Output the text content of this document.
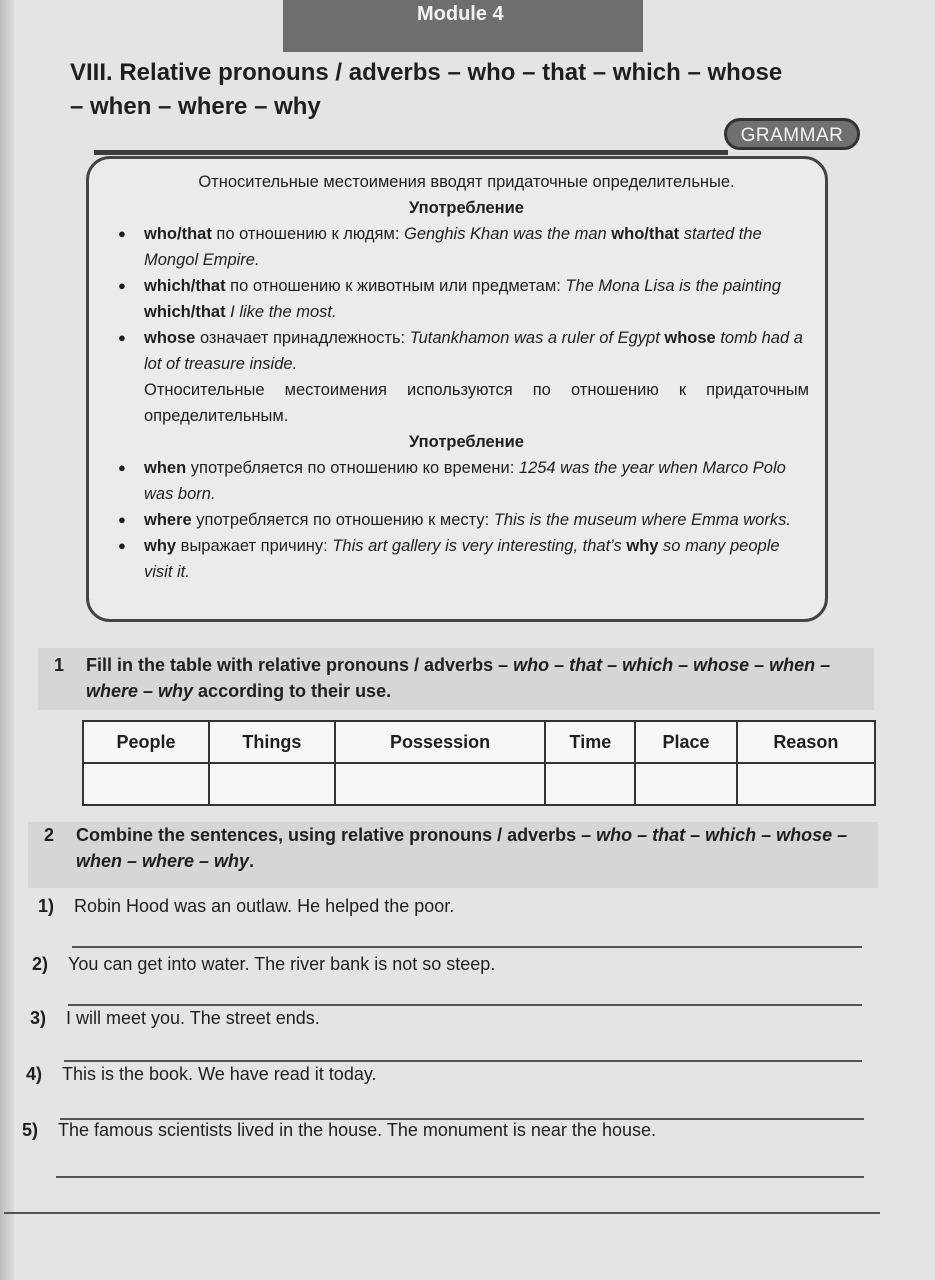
Module 4
VIII. Relative pronouns / adverbs – who – that – which – whose
– when – where – why
GRAMMAR
Относительные местоимения вводят придаточные определительные.
Употребление
● who/that по отношению к людям: Genghis Khan was the man who/that started the Mongol Empire.
● which/that по отношению к животным или предметам: The Mona Lisa is the painting which/that I like the most.
● whose означает принадлежность: Tutankhamon was a ruler of Egypt whose tomb had a lot of treasure inside.
Относительные местоимения используются по отношению к придаточным определительным.
Употребление
● when употребляется по отношению ко времени: 1254 was the year when Marco Polo was born.
● where употребляется по отношению к месту: This is the museum where Emma works.
● why выражает причину: This art gallery is very interesting, that’s why so many people visit it.
1 Fill in the table with relative pronouns / adverbs – who – that – which – whose – when – where – why according to their use.
People	Things	Possession	Time	Place	Reason

2 Combine the sentences, using relative pronouns / adverbs – who – that – which – whose – when – where – why.
1) Robin Hood was an outlaw. He helped the poor.
2) You can get into water. The river bank is not so steep.
3) I will meet you. The street ends.
4) This is the book. We have read it today.
5) The famous scientists lived in the house. The monument is near the house.
